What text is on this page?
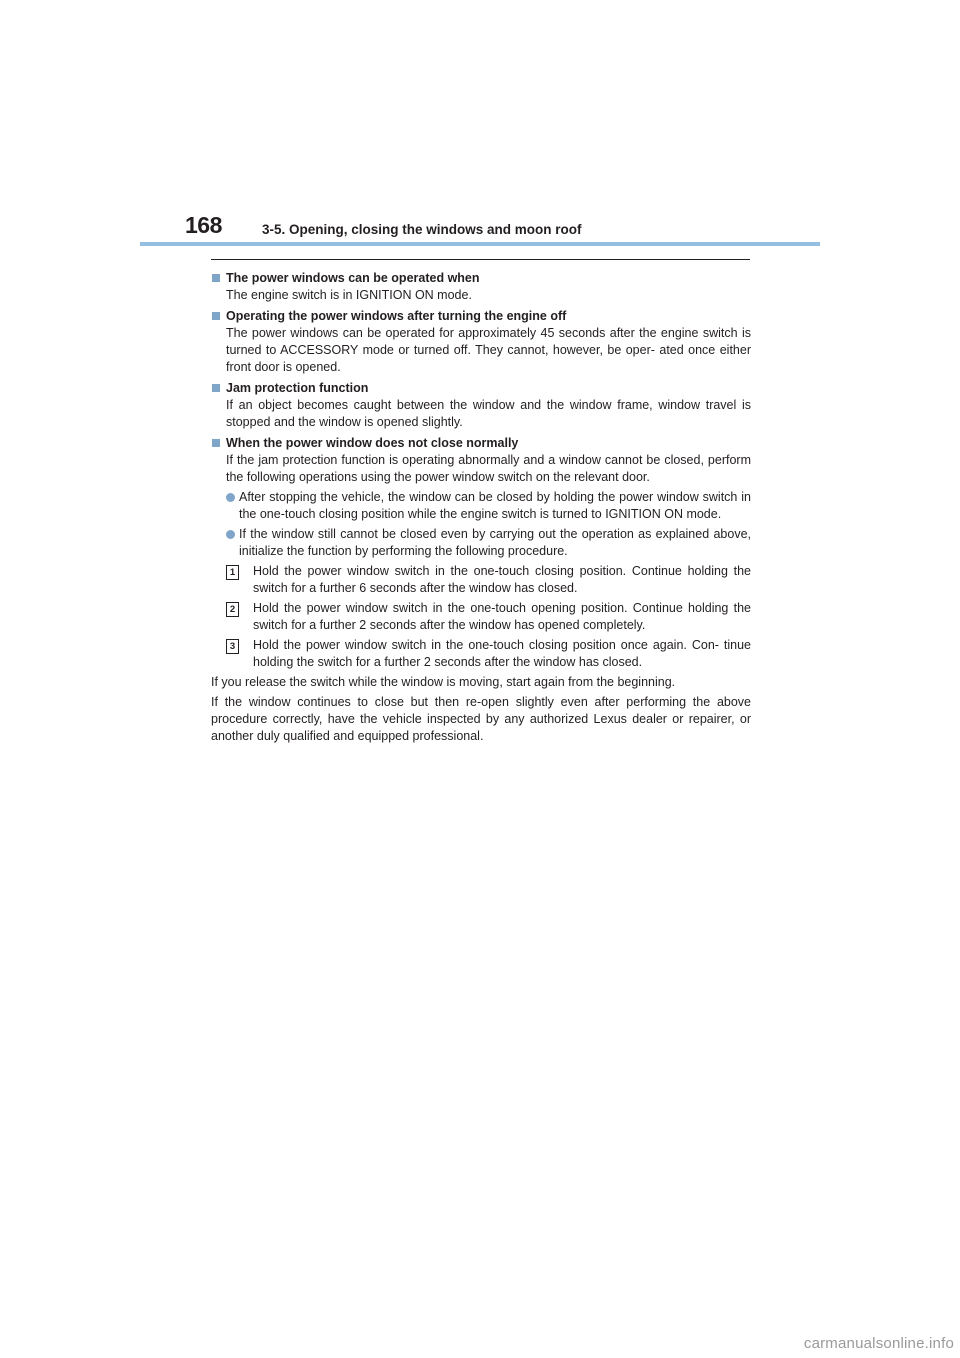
168	3-5. Opening, closing the windows and moon roof
The power windows can be operated when
The engine switch is in IGNITION ON mode.
Operating the power windows after turning the engine off
The power windows can be operated for approximately 45 seconds after the engine switch is turned to ACCESSORY mode or turned off. They cannot, however, be oper- ated once either front door is opened.
Jam protection function
If an object becomes caught between the window and the window frame, window travel is stopped and the window is opened slightly.
When the power window does not close normally
If the jam protection function is operating abnormally and a window cannot be closed, perform the following operations using the power window switch on the relevant door.
After stopping the vehicle, the window can be closed by holding the power window switch in the one-touch closing position while the engine switch is turned to IGNITION ON mode.
If the window still cannot be closed even by carrying out the operation as explained above, initialize the function by performing the following procedure.
1	Hold the power window switch in the one-touch closing position. Continue holding the switch for a further 6 seconds after the window has closed.
2	Hold the power window switch in the one-touch opening position. Continue holding the switch for a further 2 seconds after the window has opened completely.
3	Hold the power window switch in the one-touch closing position once again. Con- tinue holding the switch for a further 2 seconds after the window has closed.
If you release the switch while the window is moving, start again from the beginning.
If the window continues to close but then re-open slightly even after performing the above procedure correctly, have the vehicle inspected by any authorized Lexus dealer or repairer, or another duly qualified and equipped professional.
carmanualsonline.info
